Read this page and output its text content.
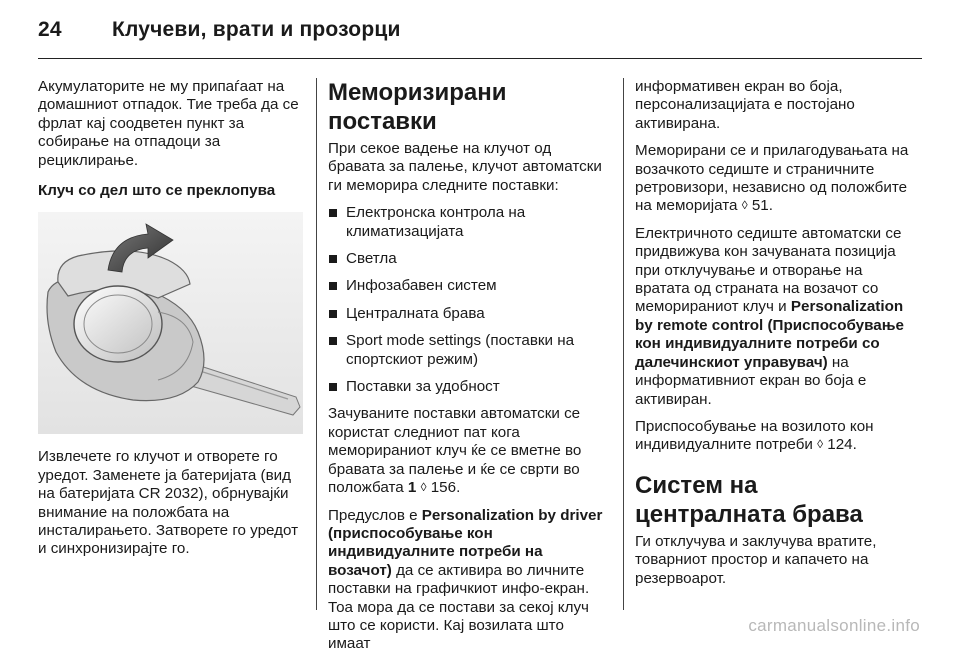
24 Клучеви, врати и прозорци

Акумулаторите не му припаѓаат на домашниот отпадок. Тие треба да се фрлат кај соодветен пункт за собирање на отпадоци за рециклирање.

Клуч со дел што се преклопува

Извлечете го клучот и отворете го уредот. Заменете ја батеријата (вид на батеријата CR 2032), обрнувајќи внимание на положбата на инсталирањето. Затворете го уредот и синхронизирајте го.

Меморизирани поставки

При секое вадење на клучот од бравата за палење, клучот автоматски ги меморира следните поставки:

Електронска контрола на климатизацијата
Светла
Инфозабавен систем
Централната брава
Sport mode settings (поставки на спортскиот режим)
Поставки за удобност

Зачуваните поставки автоматски се користат следниот пат кога меморираниот клуч ќе се вметне во бравата за палење и ќе се сврти во положбата 1 ◊ 156.

Предуслов е Personalization by driver (приспособување кон индивидуалните потреби на возачот) да се активира во личните поставки на графичкиот инфо-екран. Тоа мора да се постави за секој клуч што се користи. Кај возилата што имаат

информативен екран во боја, персонализацијата е постојано активирана.

Меморирани се и прилагодувањата на возачкото седиште и страничните ретровизори, независно од положбите на меморијата ◊ 51.

Електричното седиште автоматски се придвижува кон зачуваната позиција при отклучување и отворање на вратата од страната на возачот со меморираниот клуч и Personalization by remote control (Приспособување кон индивидуалните потреби со далечинскиот управувач) на информативниот екран во боја е активиран.

Приспособување на возилото кон индивидуалните потреби ◊ 124.

Систем на централната брава

Ги отклучува и заклучува вратите, товарниот простор и капачето на резервоарот.

carmanualsonline.info
